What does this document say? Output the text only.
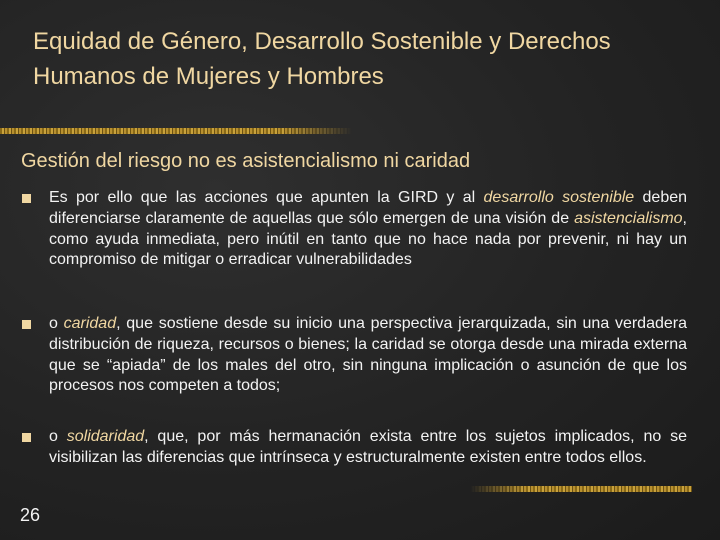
Equidad de Género, Desarrollo Sostenible y Derechos Humanos de Mujeres y Hombres
Gestión del riesgo no es asistencialismo ni caridad
Es por ello que las acciones que apunten la GIRD y al desarrollo sostenible deben diferenciarse claramente de aquellas que sólo emergen de una visión de asistencialismo, como ayuda inmediata, pero inútil en tanto que no hace nada por prevenir, ni hay un compromiso de mitigar o erradicar vulnerabilidades
o caridad, que sostiene desde su inicio una perspectiva jerarquizada, sin una verdadera distribución de riqueza, recursos o bienes; la caridad se otorga desde una mirada externa que se “apiada” de los males del otro, sin ninguna implicación o asunción de que los procesos nos competen a todos;
o solidaridad, que, por más hermanación exista entre los sujetos implicados, no se visibilizan las diferencias que intrínseca y estructuralmente existen entre todos ellos.
26
